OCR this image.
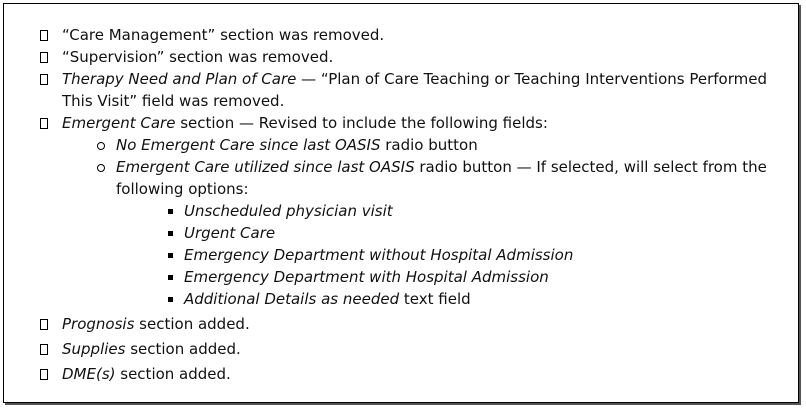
“Care Management” section was removed.
“Supervision” section was removed.
Therapy Need and Plan of Care — “Plan of Care Teaching or Teaching Interventions Performed This Visit” field was removed.
Emergent Care section — Revised to include the following fields:
No Emergent Care since last OASIS radio button
Emergent Care utilized since last OASIS radio button — If selected, will select from the following options:
Unscheduled physician visit
Urgent Care
Emergency Department without Hospital Admission
Emergency Department with Hospital Admission
Additional Details as needed text field
Prognosis section added.
Supplies section added.
DME(s) section added.
